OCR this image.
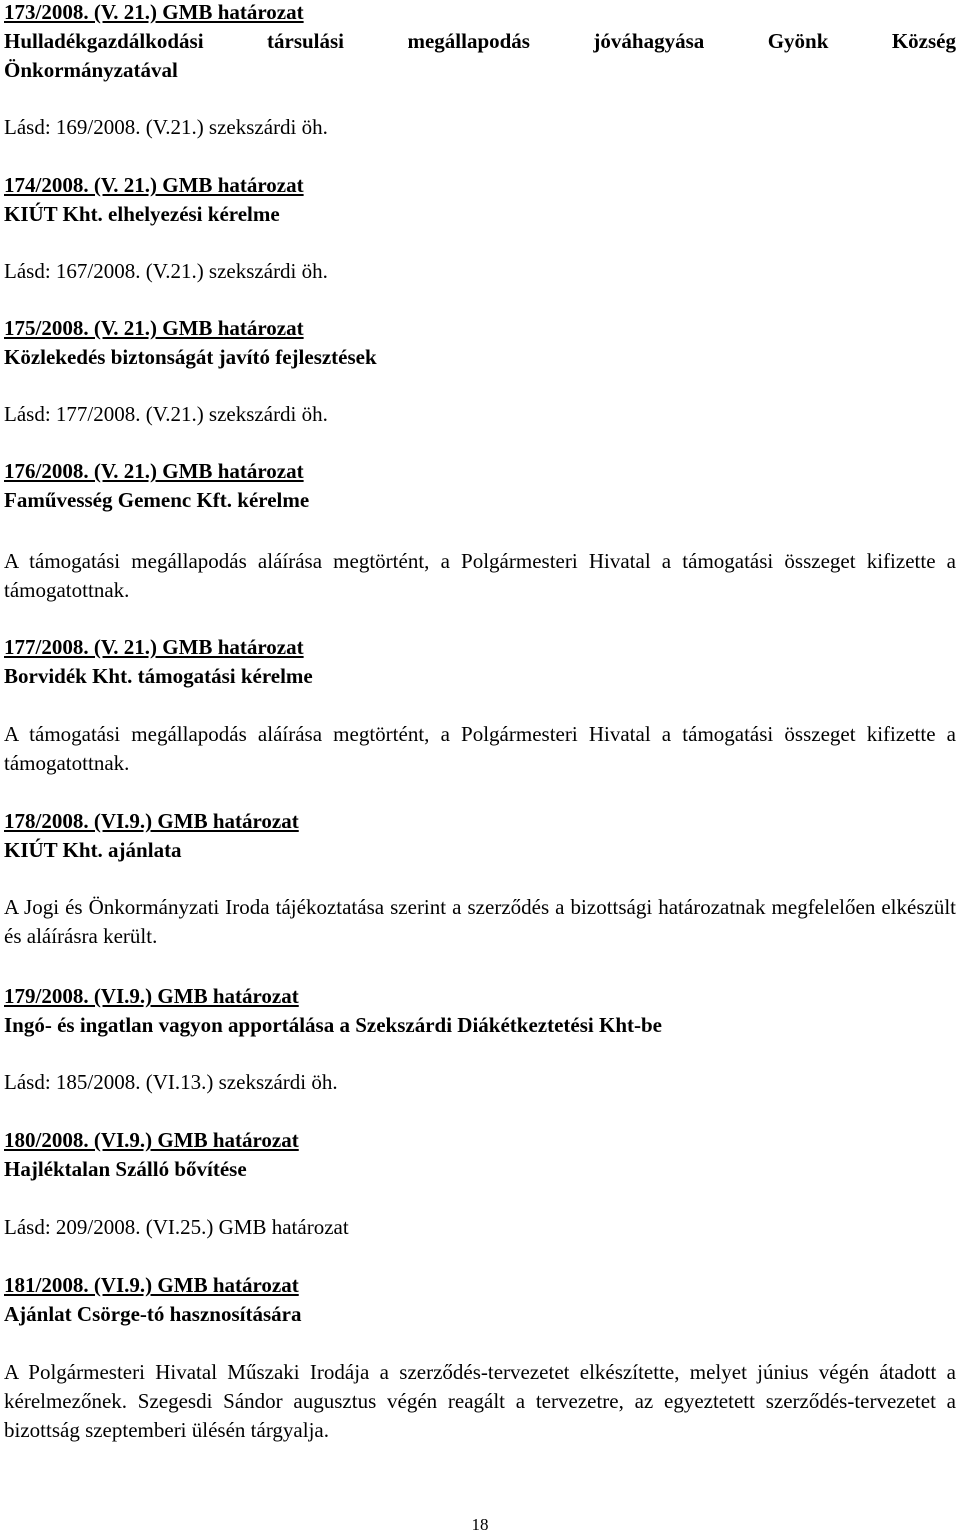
173/2008. (V. 21.) GMB határozat
Hulladékgazdálkodási társulási megállapodás jóváhagyása Gyönk Község
Önkormányzatával
Lásd: 169/2008. (V.21.) szekszárdi öh.
174/2008. (V. 21.) GMB határozat
KIÚT Kht. elhelyezési kérelme
Lásd: 167/2008. (V.21.) szekszárdi öh.
175/2008. (V. 21.) GMB határozat
Közlekedés biztonságát javító fejlesztések
Lásd: 177/2008. (V.21.) szekszárdi öh.
176/2008. (V. 21.) GMB határozat
Faművesség Gemenc Kft. kérelme
A támogatási megállapodás aláírása megtörtént, a Polgármesteri Hivatal a támogatási összeget kifizette a támogatottnak.
177/2008. (V. 21.) GMB határozat
Borvidék Kht. támogatási kérelme
A támogatási megállapodás aláírása megtörtént, a Polgármesteri Hivatal a támogatási összeget kifizette a támogatottnak.
178/2008. (VI.9.) GMB határozat
KIÚT Kht. ajánlata
A Jogi és Önkormányzati Iroda tájékoztatása szerint a szerződés a bizottsági határozatnak megfelelően elkészült és aláírásra került.
179/2008. (VI.9.) GMB határozat
Ingó- és ingatlan vagyon apportálása a Szekszárdi Diákétkeztetési Kht-be
Lásd: 185/2008. (VI.13.) szekszárdi öh.
180/2008. (VI.9.) GMB határozat
Hajléktalan Szálló bővítése
Lásd: 209/2008. (VI.25.) GMB határozat
181/2008. (VI.9.) GMB határozat
Ajánlat Csörge-tó hasznosítására
A Polgármesteri Hivatal Műszaki Irodája a szerződés-tervezetet elkészítette, melyet június végén átadott a kérelmezőnek. Szegesdi Sándor augusztus végén reagált a tervezetre, az egyeztetett szerződés-tervezetet a bizottság szeptemberi ülésén tárgyalja.
18
